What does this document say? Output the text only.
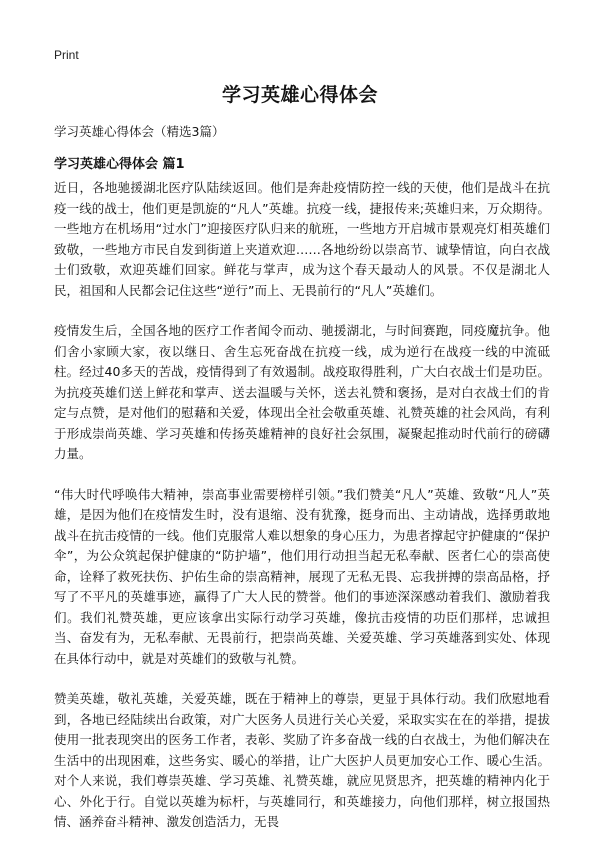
Print
学习英雄心得体会
学习英雄心得体会（精选3篇）
学习英雄心得体会 篇1

近日，各地驰援湖北医疗队陆续返回。他们是奔赴疫情防控一线的天使，他们是战斗在抗疫一线的战士，他们更是凯旋的“凡人”英雄。抗疫一线，捷报传来;英雄归来，万众期待。一些地方在机场用“过水门”迎接医疗队归来的航班，一些地方开启城市景观亮灯相英雄们致敬，一些地方市民自发到街道上夹道欢迎……各地纷纷以崇高节、诚挚情谊，向白衣战士们致敬，欢迎英雄们回家。鲜花与掌声，成为这个春天最动人的风景。不仅是湖北人民，祖国和人民都会记住这些“逆行”而上、无畏前行的“凡人”英雄们。

疫情发生后，全国各地的医疗工作者闻令而动、驰援湖北，与时间赛跑，同疫魔抗争。他们舍小家顾大家，夜以继日、舍生忘死奋战在抗疫一线，成为逆行在战疫一线的中流砥柱。经过40多天的苦战，疫情得到了有效遏制。战疫取得胜利，广大白衣战士们是功臣。为抗疫英雄们送上鲜花和掌声、送去温暖与关怀，送去礼赞和褒扬，是对白衣战士们的肯定与点赞，是对他们的慰藉和关爱，体现出全社会敬重英雄、礼赞英雄的社会风尚，有利于形成崇尚英雄、学习英雄和传扬英雄精神的良好社会氛围，凝聚起推动时代前行的磅礴力量。

“伟大时代呼唤伟大精神，崇高事业需要榜样引领。”我们赞美“凡人”英雄、致敬“凡人”英雄，是因为他们在疫情发生时，没有退缩、没有犹豫，挺身而出、主动请战，选择勇敢地战斗在抗击疫情的一线。他们克服常人难以想象的身心压力，为患者撑起守护健康的“保护伞”，为公众筑起保护健康的“防护墙”，他们用行动担当起无私奉献、医者仁心的崇高使命，诠释了救死扶伤、护佑生命的崇高精神，展现了无私无畏、忘我拼搏的崇高品格，抒写了不平凡的英雄事迹，赢得了广大人民的赞誉。他们的事迹深深感动着我们、激励着我们。我们礼赞英雄，更应该拿出实际行动学习英雄，像抗击疫情的功臣们那样，忠诚担当、奋发有为，无私奉献、无畏前行，把崇尚英雄、关爱英雄、学习英雄落到实处、体现在具体行动中，就是对英雄们的致敬与礼赞。

赞美英雄，敬礼英雄，关爱英雄，既在于精神上的尊崇，更显于具体行动。我们欣慰地看到，各地已经陆续出台政策，对广大医务人员进行关心关爱，采取实实在在的举措，提拔使用一批表现突出的医务工作者，表彰、奖励了许多奋战一线的白衣战士，为他们解决在生活中的出现困难，这些务实、暖心的举措，让广大医护人员更加安心工作、暖心生活。对个人来说，我们尊崇英雄、学习英雄、礼赞英雄，就应见贤思齐，把英雄的精神内化于心、外化于行。自觉以英雄为标杆，与英雄同行，和英雄接力，向他们那样，树立报国热情、涵养奋斗精神、激发创造活力，无畏
